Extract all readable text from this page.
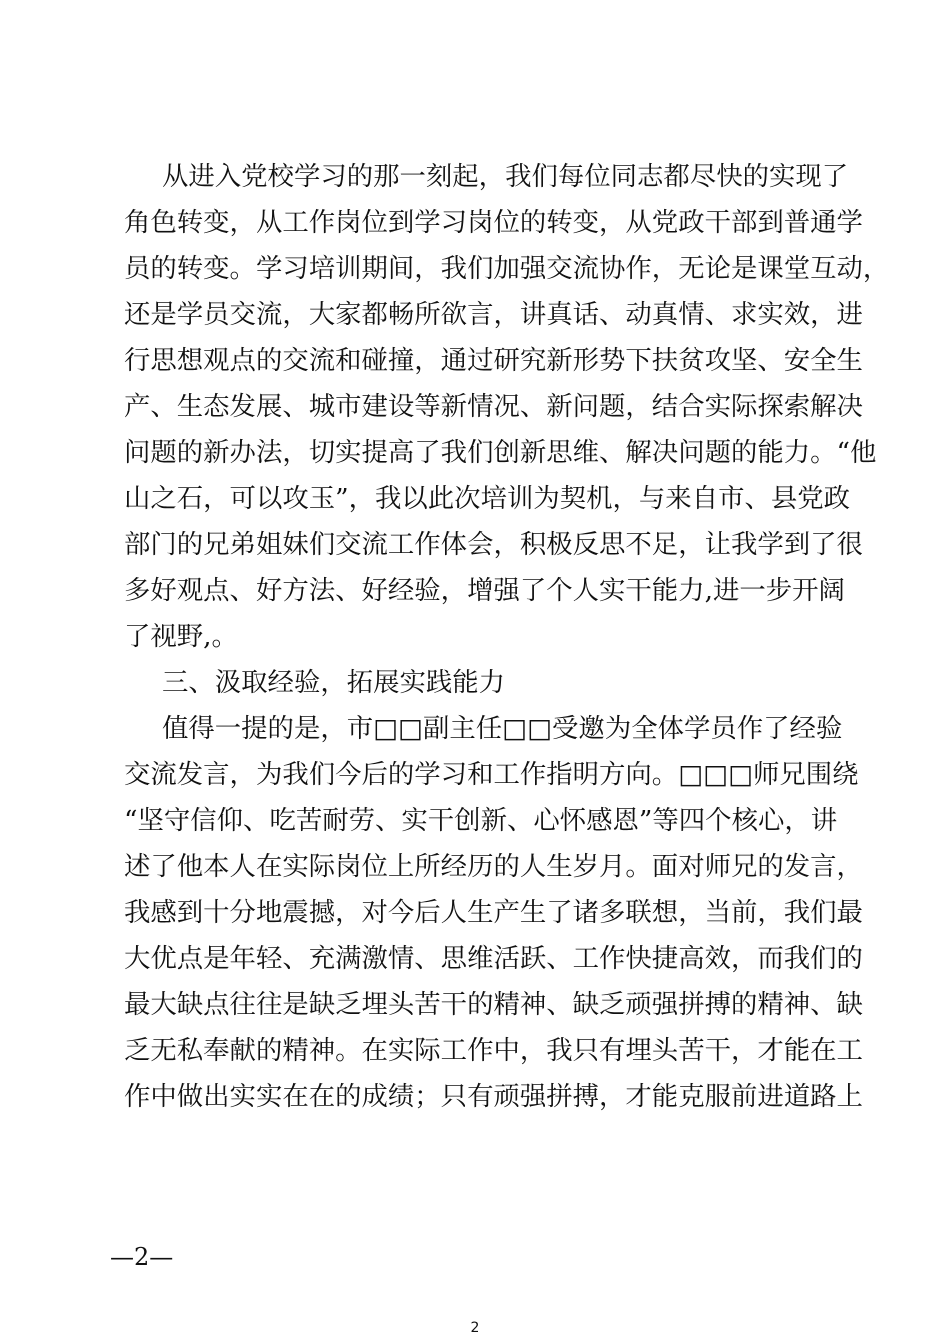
从进入党校学习的那一刻起，我们每位同志都尽快的实现了
角色转变，从工作岗位到学习岗位的转变，从党政干部到普通学
员的转变。学习培训期间，我们加强交流协作，无论是课堂互动，
还是学员交流，大家都畅所欲言，讲真话、动真情、求实效，进
行思想观点的交流和碰撞，通过研究新形势下扶贫攻坚、安全生
产、生态发展、城市建设等新情况、新问题，结合实际探索解决
问题的新办法，切实提高了我们创新思维、解决问题的能力。“他
山之石，可以攻玉”，我以此次培训为契机，与来自市、县党政
部门的兄弟姐妹们交流工作体会，积极反思不足，让我学到了很
多好观点、好方法、好经验，增强了个人实干能力,进一步开阔
了视野,。
三、汲取经验，拓展实践能力
值得一提的是，市□□副主任□□受邀为全体学员作了经验
交流发言，为我们今后的学习和工作指明方向。□□□师兄围绕
“坚守信仰、吃苦耐劳、实干创新、心怀感恩”等四个核心，讲
述了他本人在实际岗位上所经历的人生岁月。面对师兄的发言，
我感到十分地震撼，对今后人生产生了诸多联想，当前，我们最
大优点是年轻、充满激情、思维活跃、工作快捷高效，而我们的
最大缺点往往是缺乏埋头苦干的精神、缺乏顽强拼搏的精神、缺
乏无私奉献的精神。在实际工作中，我只有埋头苦干，才能在工
作中做出实实在在的成绩；只有顽强拼搏，才能克服前进道路上
—2—
2
